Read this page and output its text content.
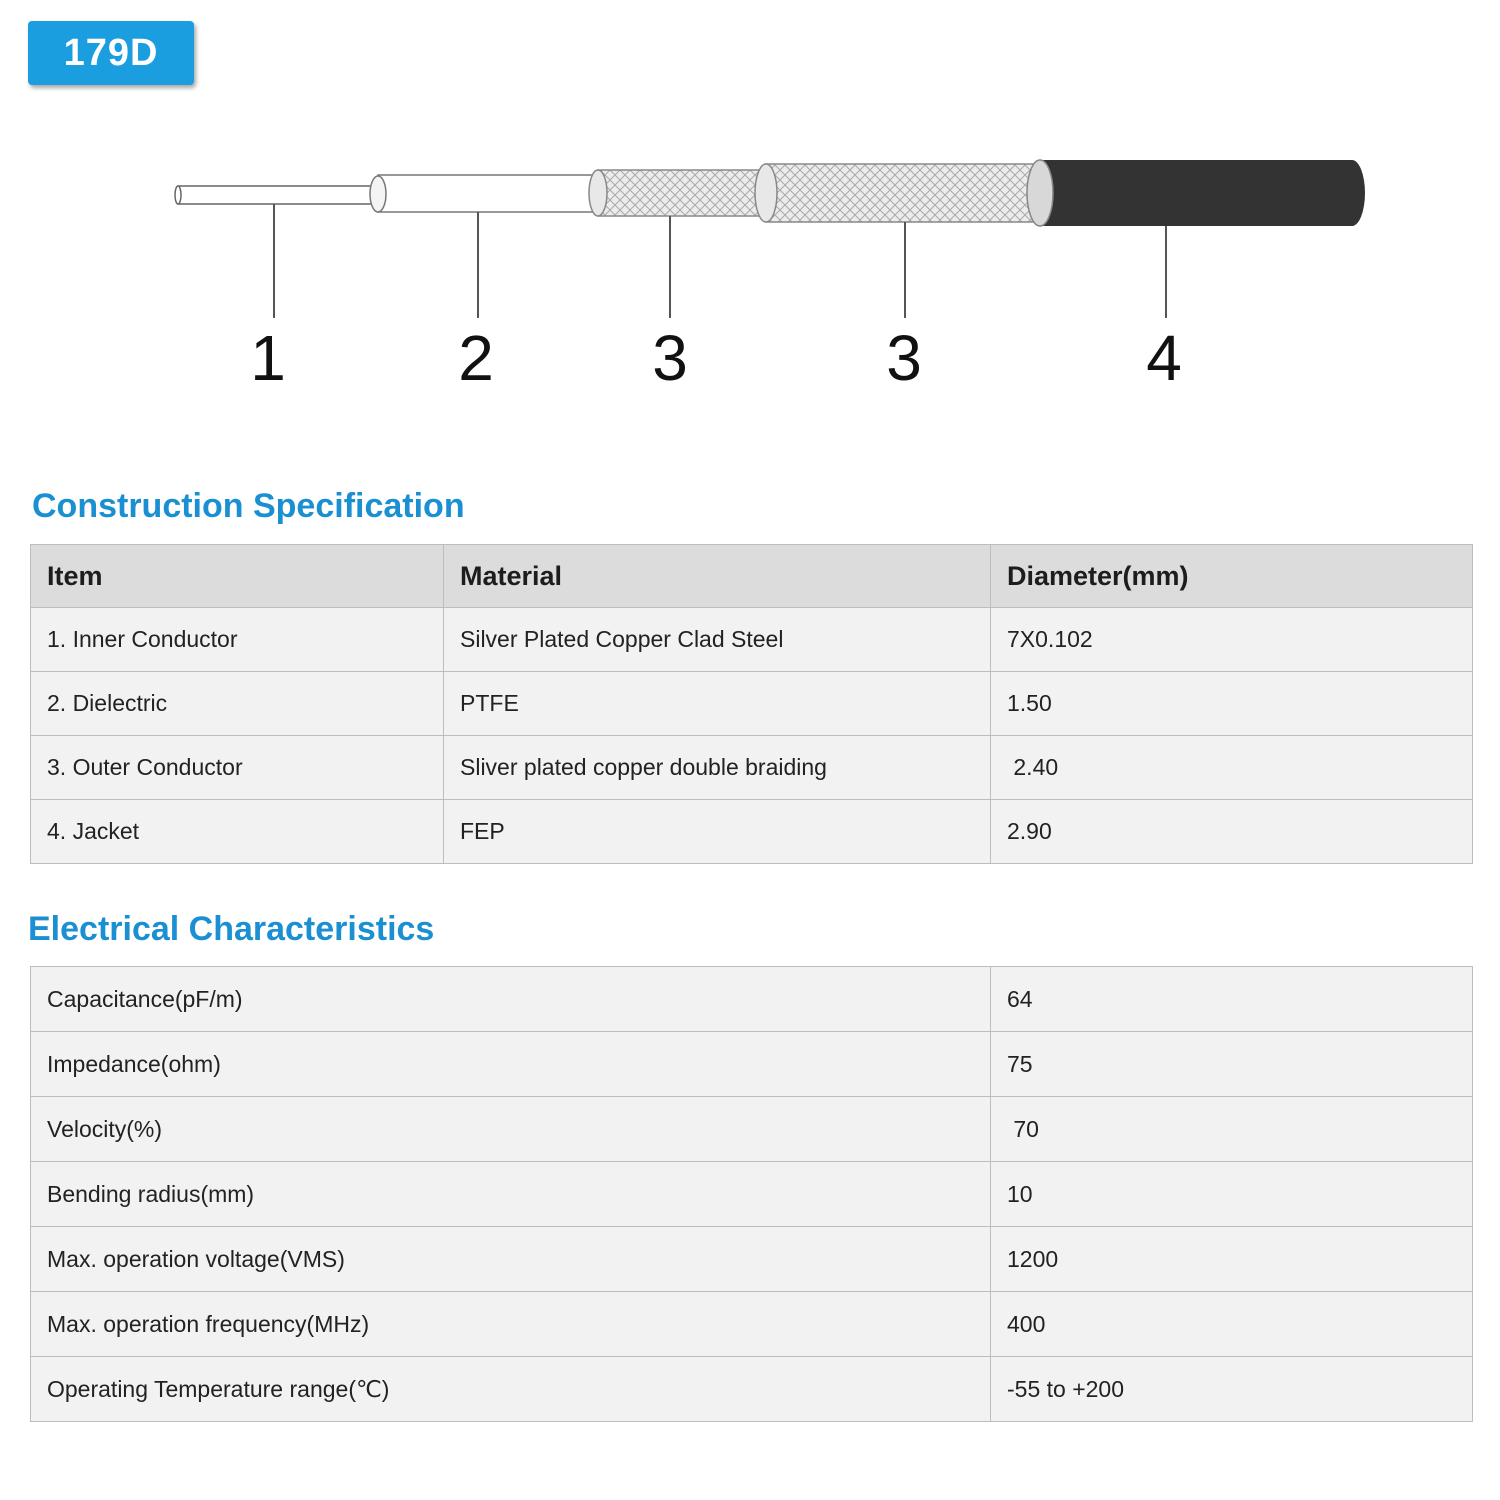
179D
1	2 3	3	4
Construction Specification
Item	Material	Diameter(mm)
1. Inner Conductor	Silver Plated Copper Clad Steel	7X0.102
2. Dielectric	PTFE	1.50
3. Outer Conductor	Sliver plated copper double braiding	2.40
4. Jacket	FEP	2.90
Electrical Characteristics
Capacitance(pF/m)	64
Impedance(ohm)	75
Velocity(%)	70
Bending radius(mm)	10
Max. operation voltage(VMS)	1200
Max. operation frequency(MHz)	400
Operating Temperature range(℃)	-55 to +200
